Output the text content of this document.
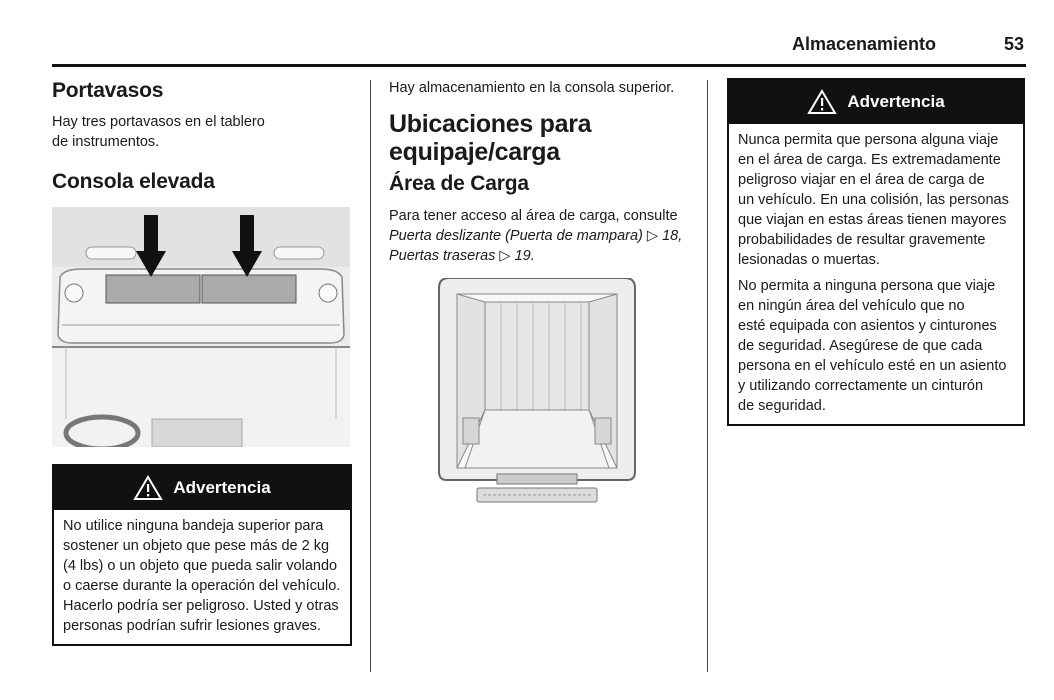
Almacenamiento	53
Portavasos

Hay tres portavasos en el tablero

de instrumentos.

Consola elevada
Advertencia

No utilice ninguna bandeja superior para

sostener un objeto que pese más de 2 kg

(4 lbs) o un objeto que pueda salir volando

o caerse durante la operación del vehículo.

Hacerlo podría ser peligroso. Usted y otras

personas podrían sufrir lesiones graves.

Hay almacenamiento en la consola superior.

Ubicaciones para
equipaje/carga
Área de Carga

Para tener acceso al área de carga, consulte

Puerta deslizante (Puerta de mampara) ▷ 18,

Puertas traseras ▷ 19.

Advertencia

Nunca permita que persona alguna viaje

en el área de carga. Es extremadamente

peligroso viajar en el área de carga de

un vehículo. En una colisión, las personas

que viajan en estas áreas tienen mayores

probabilidades de resultar gravemente

lesionadas o muertas.

No permita a ninguna persona que viaje

en ningún área del vehículo que no

esté equipada con asientos y cinturones

de seguridad. Asegúrese de que cada

persona en el vehículo esté en un asiento

y utilizando correctamente un cinturón

de seguridad.
